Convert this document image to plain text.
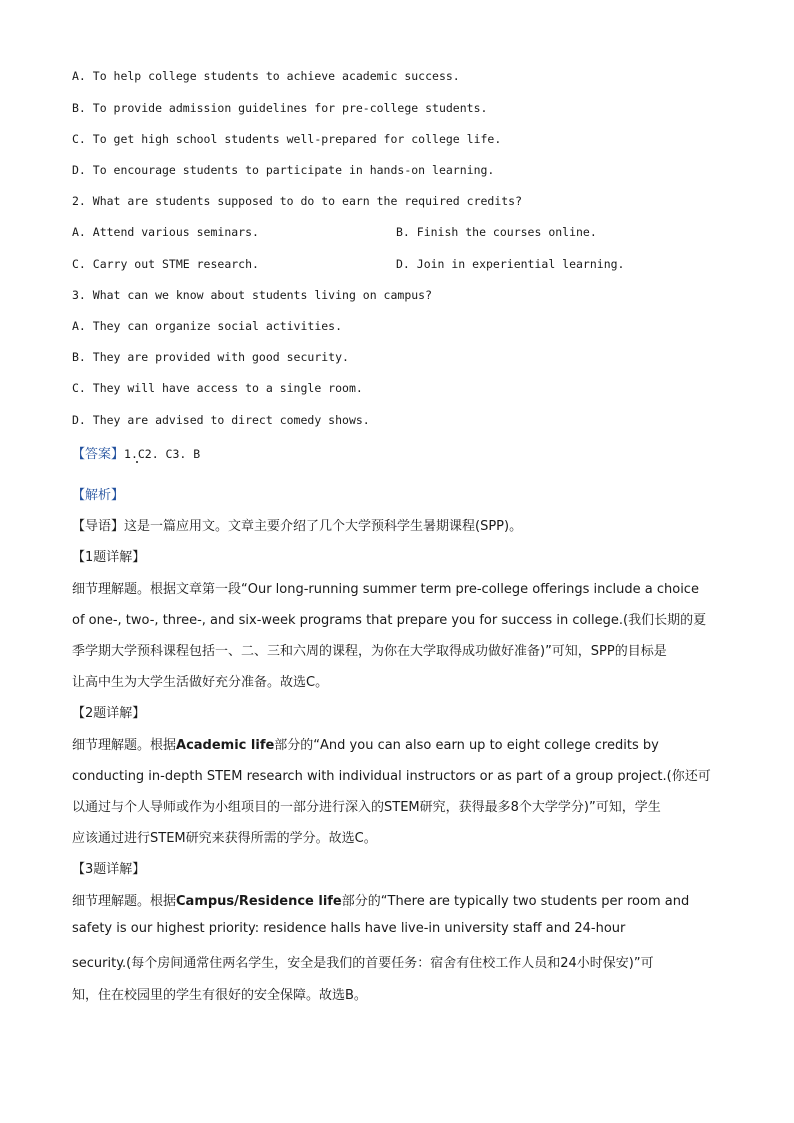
A. To help college students to achieve academic success.
B. To provide admission guidelines for pre-college students.
C. To get high school students well-prepared for college life.
D. To encourage students to participate in hands-on learning.
2. What are students supposed to do to earn the required credits?
A. Attend various seminars.	B. Finish the courses online.
C. Carry out STME research.	D. Join in experiential learning.
3. What can we know about students living on campus?
A. They can organize social activities.
B. They are provided with good security.
C. They will have access to a single room.
D. They are advised to direct comedy shows.
【答案】1.C2. C3. B
【解析】
【导语】这是一篇应用文。文章主要介绍了几个大学预科学生暑期课程(SPP)。
【1题详解】
细节理解题。根据文章第一段“Our long-running summer term pre-college offerings include a choice
of one-, two-, three-, and six-week programs that prepare you for success in college.(我们长期的夏
季学期大学预科课程包括一、二、三和六周的课程，为你在大学取得成功做好准备)”可知，SPP的目标是
让高中生为大学生活做好充分准备。故选C。
【2题详解】
细节理解题。根据Academic life部分的“And you can also earn up to eight college credits by
conducting in-depth STEM research with individual instructors or as part of a group project.(你还可
以通过与个人导师或作为小组项目的一部分进行深入的STEM研究，获得最多8个大学学分)”可知，学生
应该通过进行STEM研究来获得所需的学分。故选C。
【3题详解】
细节理解题。根据Campus/Residence life部分的“There are typically two students per room and
safety is our highest priority: residence halls have live-in university staff and 24-hour
security.(每个房间通常住两名学生，安全是我们的首要任务：宿舍有住校工作人员和24小时保安)”可
知，住在校园里的学生有很好的安全保障。故选B。
